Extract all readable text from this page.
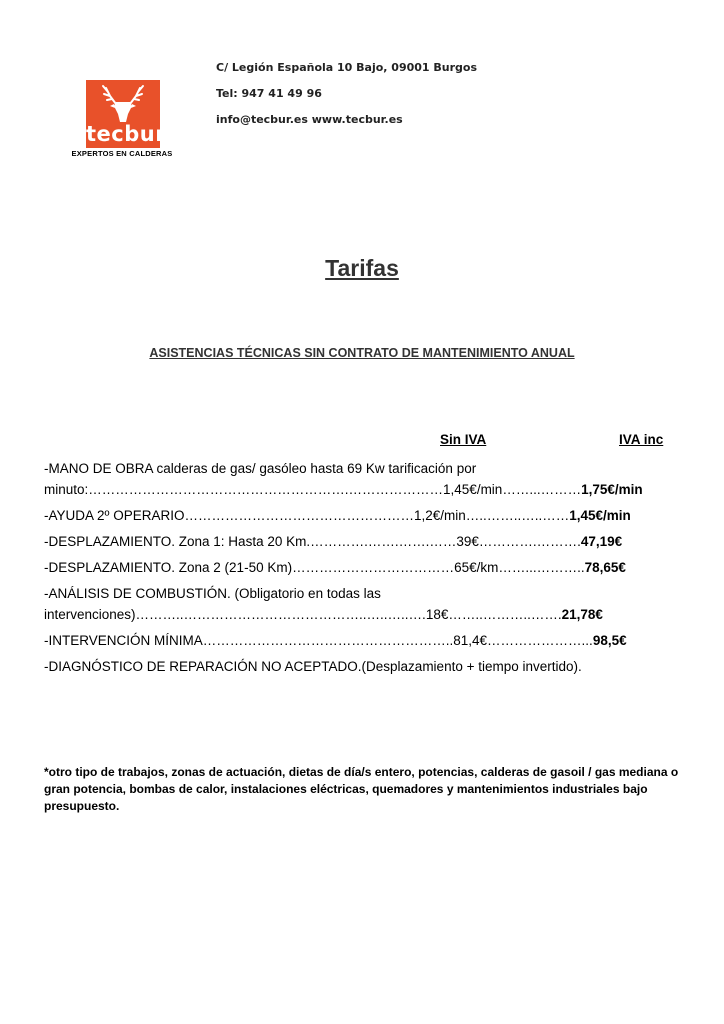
tecbur
EXPERTOS EN CALDERAS
C/ Legión Española 10 Bajo, 09001 Burgos
Tel: 947 41 49 96
info@tecbur.es www.tecbur.es
Tarifas
ASISTENCIAS TÉCNICAS SIN CONTRATO DE MANTENIMIENTO ANUAL
Sin IVA	IVA inc
-MANO DE OBRA calderas de gas/ gasóleo hasta 69 Kw tarificación por
minuto:………………………………………………….…………………1,45€/min……...………1,75€/min
-AYUDA 2º OPERARIO……………………………………………1,2€/min…..……..…..……1,45€/min
-DESPLAZAMIENTO. Zona 1: Hasta 20 Km.………….…….…….……39€………….……….47,19€
-DESPLAZAMIENTO. Zona 2 (21-50 Km)………………………………65€/km……...………..78,65€
-ANÁLISIS DE COMBUSTIÓN. (Obligatorio en todas las
intervenciones)………..…………………………………..…..…..….18€……..………..…….21,78€
-INTERVENCIÓN MÍNIMA………………………………………………..81,4€…………………...98,5€
-DIAGNÓSTICO DE REPARACIÓN NO ACEPTADO.(Desplazamiento + tiempo invertido).
*otro tipo de trabajos, zonas de actuación, dietas de día/s entero, potencias, calderas de gasoil / gas mediana o gran potencia, bombas de calor, instalaciones eléctricas, quemadores y mantenimientos industriales bajo presupuesto.
